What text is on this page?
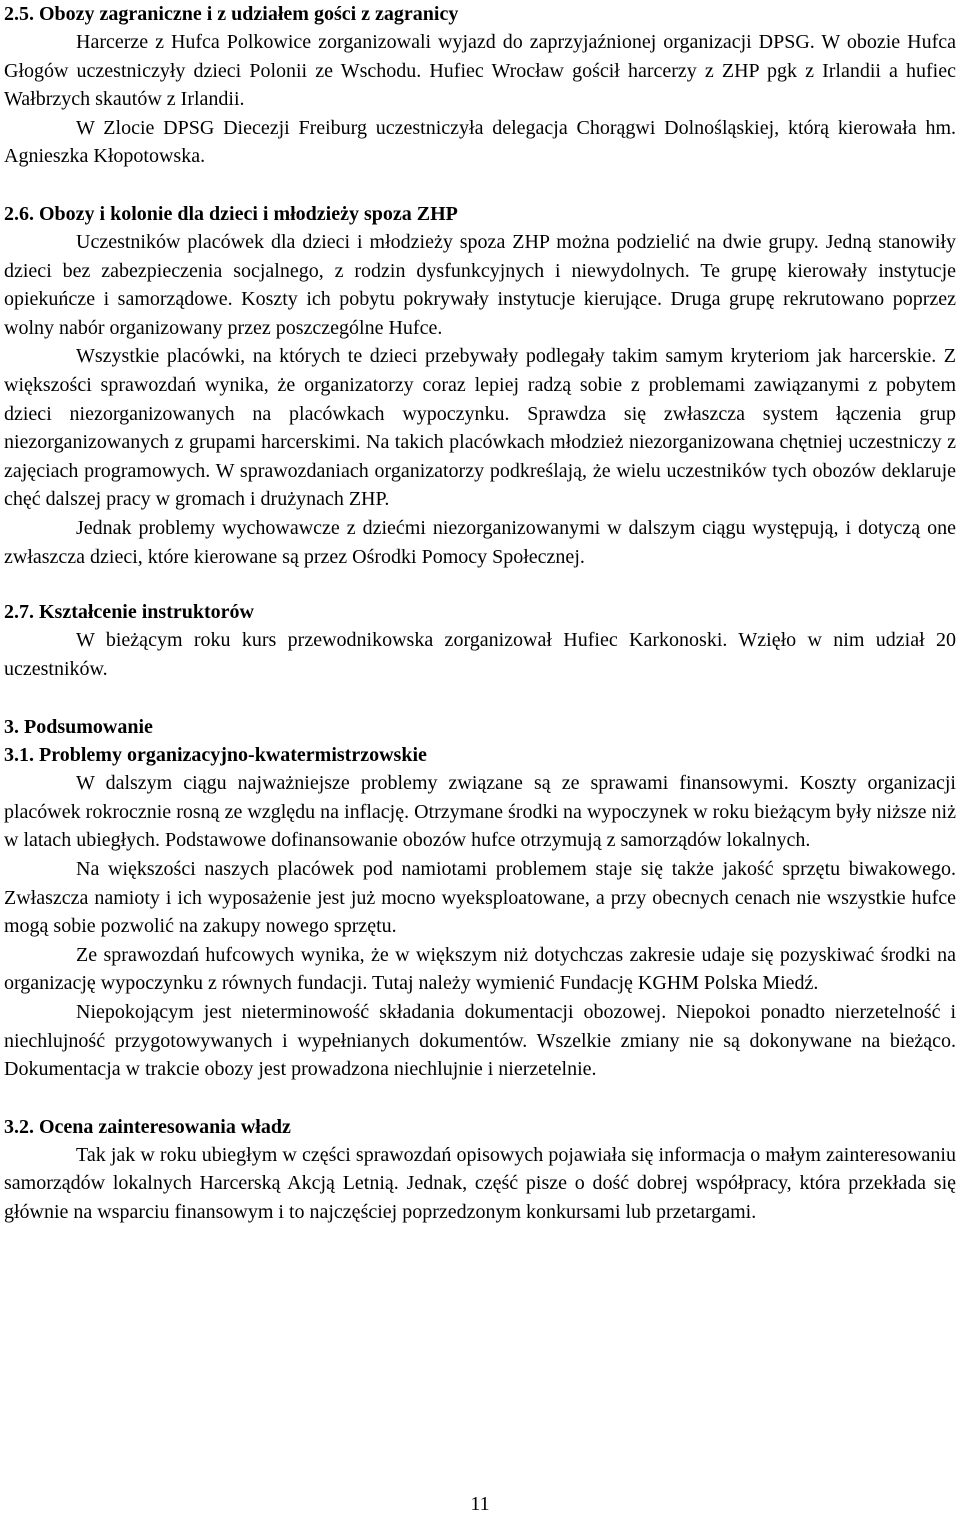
2.5. Obozy zagraniczne i z udziałem gości z zagranicy

Harcerze z Hufca Polkowice zorganizowali wyjazd do zaprzyjaźnionej organizacji DPSG. W obozie Hufca Głogów uczestniczyły dzieci Polonii ze Wschodu. Hufiec Wrocław gościł harcerzy z ZHP pgk z Irlandii a hufiec Wałbrzych skautów z Irlandii.

W Zlocie DPSG Diecezji Freiburg uczestniczyła delegacja Chorągwi Dolnośląskiej, którą kierowała hm. Agnieszka Kłopotowska.

2.6. Obozy i kolonie dla dzieci i młodzieży spoza ZHP

Uczestników placówek dla dzieci i młodzieży spoza ZHP można podzielić na dwie grupy. Jedną stanowiły dzieci bez zabezpieczenia socjalnego, z rodzin dysfunkcyjnych i niewydolnych. Te grupę kierowały instytucje opiekuńcze i samorządowe. Koszty ich pobytu pokrywały instytucje kierujące. Druga grupę rekrutowano poprzez wolny nabór organizowany przez poszczególne Hufce.

Wszystkie placówki, na których te dzieci przebywały podlegały takim samym kryteriom jak harcerskie. Z większości sprawozdań wynika, że organizatorzy coraz lepiej radzą sobie z problemami zawiązanymi z pobytem dzieci niezorganizowanych na placówkach wypoczynku. Sprawdza się zwłaszcza system łączenia grup niezorganizowanych z grupami harcerskimi. Na takich placówkach młodzież niezorganizowana chętniej uczestniczy z zajęciach programowych. W sprawozdaniach organizatorzy podkreślają, że wielu uczestników tych obozów deklaruje chęć dalszej pracy w gromach i drużynach ZHP.

Jednak problemy wychowawcze z dziećmi niezorganizowanymi w dalszym ciągu występują, i dotyczą one zwłaszcza dzieci, które kierowane są przez Ośrodki Pomocy Społecznej.

2.7. Kształcenie instruktorów

W bieżącym roku kurs przewodnikowska zorganizował Hufiec Karkonoski. Wzięło w nim udział 20 uczestników.

3. Podsumowanie

3.1. Problemy organizacyjno-kwatermistrzowskie

W dalszym ciągu najważniejsze problemy związane są ze sprawami finansowymi. Koszty organizacji placówek rokrocznie rosną ze względu na inflację. Otrzymane środki na wypoczynek w roku bieżącym były niższe niż w latach ubiegłych. Podstawowe dofinansowanie obozów hufce otrzymują z samorządów lokalnych.

Na większości naszych placówek pod namiotami problemem staje się także jakość sprzętu biwakowego. Zwłaszcza namioty i ich wyposażenie jest już mocno wyeksploatowane, a przy obecnych cenach nie wszystkie hufce mogą sobie pozwolić na zakupy nowego sprzętu.

Ze sprawozdań hufcowych wynika, że w większym niż dotychczas zakresie udaje się pozyskiwać środki na organizację wypoczynku z równych fundacji. Tutaj należy wymienić Fundację KGHM Polska Miedź.

Niepokojącym jest nieterminowość składania dokumentacji obozowej. Niepokoi ponadto nierzetelność i niechlujność przygotowywanych i wypełnianych dokumentów. Wszelkie zmiany nie są dokonywane na bieżąco. Dokumentacja w trakcie obozy jest prowadzona niechlujnie i nierzetelnie.

3.2. Ocena zainteresowania władz

Tak jak w roku ubiegłym w części sprawozdań opisowych pojawiała się informacja o małym zainteresowaniu samorządów lokalnych Harcerską Akcją Letnią. Jednak, część pisze o dość dobrej współpracy, która przekłada się głównie na wsparciu finansowym i to najczęściej poprzedzonym konkursami lub przetargami.

11
